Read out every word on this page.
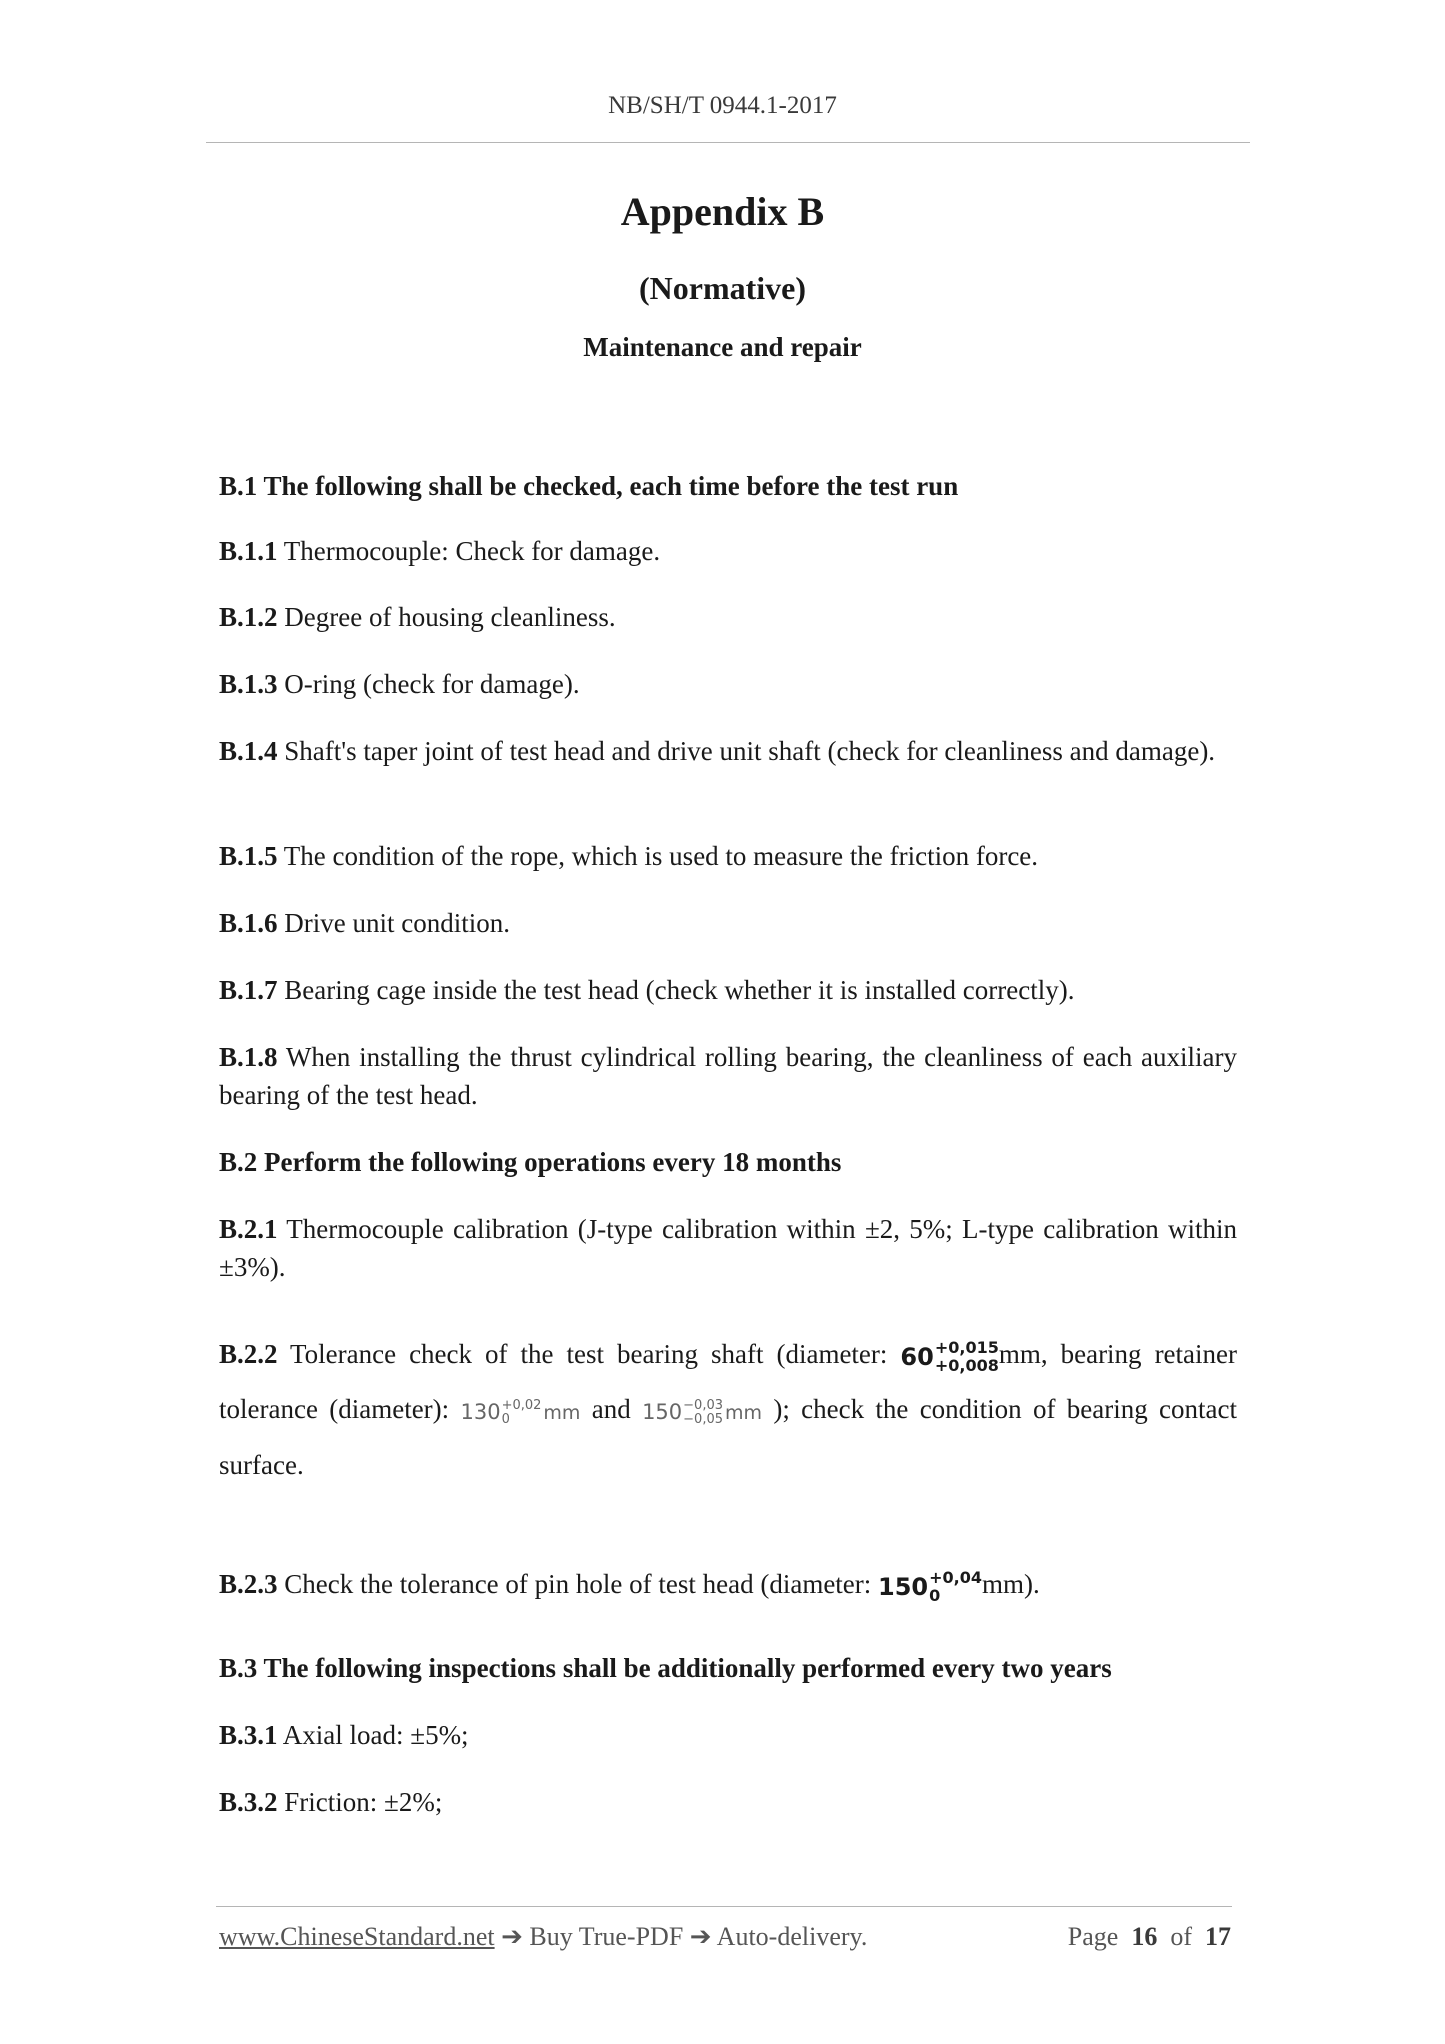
NB/SH/T 0944.1-2017
Appendix B
(Normative)
Maintenance and repair
B.1 The following shall be checked, each time before the test run
B.1.1 Thermocouple: Check for damage.
B.1.2 Degree of housing cleanliness.
B.1.3 O-ring (check for damage).
B.1.4 Shaft's taper joint of test head and drive unit shaft (check for cleanliness and damage).
B.1.5 The condition of the rope, which is used to measure the friction force.
B.1.6 Drive unit condition.
B.1.7 Bearing cage inside the test head (check whether it is installed correctly).
B.1.8 When installing the thrust cylindrical rolling bearing, the cleanliness of each auxiliary bearing of the test head.
B.2 Perform the following operations every 18 months
B.2.1 Thermocouple calibration (J-type calibration within ±2, 5%; L-type calibration within ±3%).
B.2.2 Tolerance check of the test bearing shaft (diameter: 60 +0,015
+0,008 mm, bearing retainer tolerance (diameter): 130 +0,02
0	mm and 150 −0,03
−0,05 mm ); check the condition of bearing contact surface.
B.2.3 Check the tolerance of pin hole of test head (diameter: 150 +0,04
0	mm).
B.3 The following inspections shall be additionally performed every two years
B.3.1 Axial load: ±5%;
B.3.2 Friction: ±2%;
www.ChineseStandard.net ➔ Buy True-PDF ➔ Auto-delivery.	Page 16 of 17
